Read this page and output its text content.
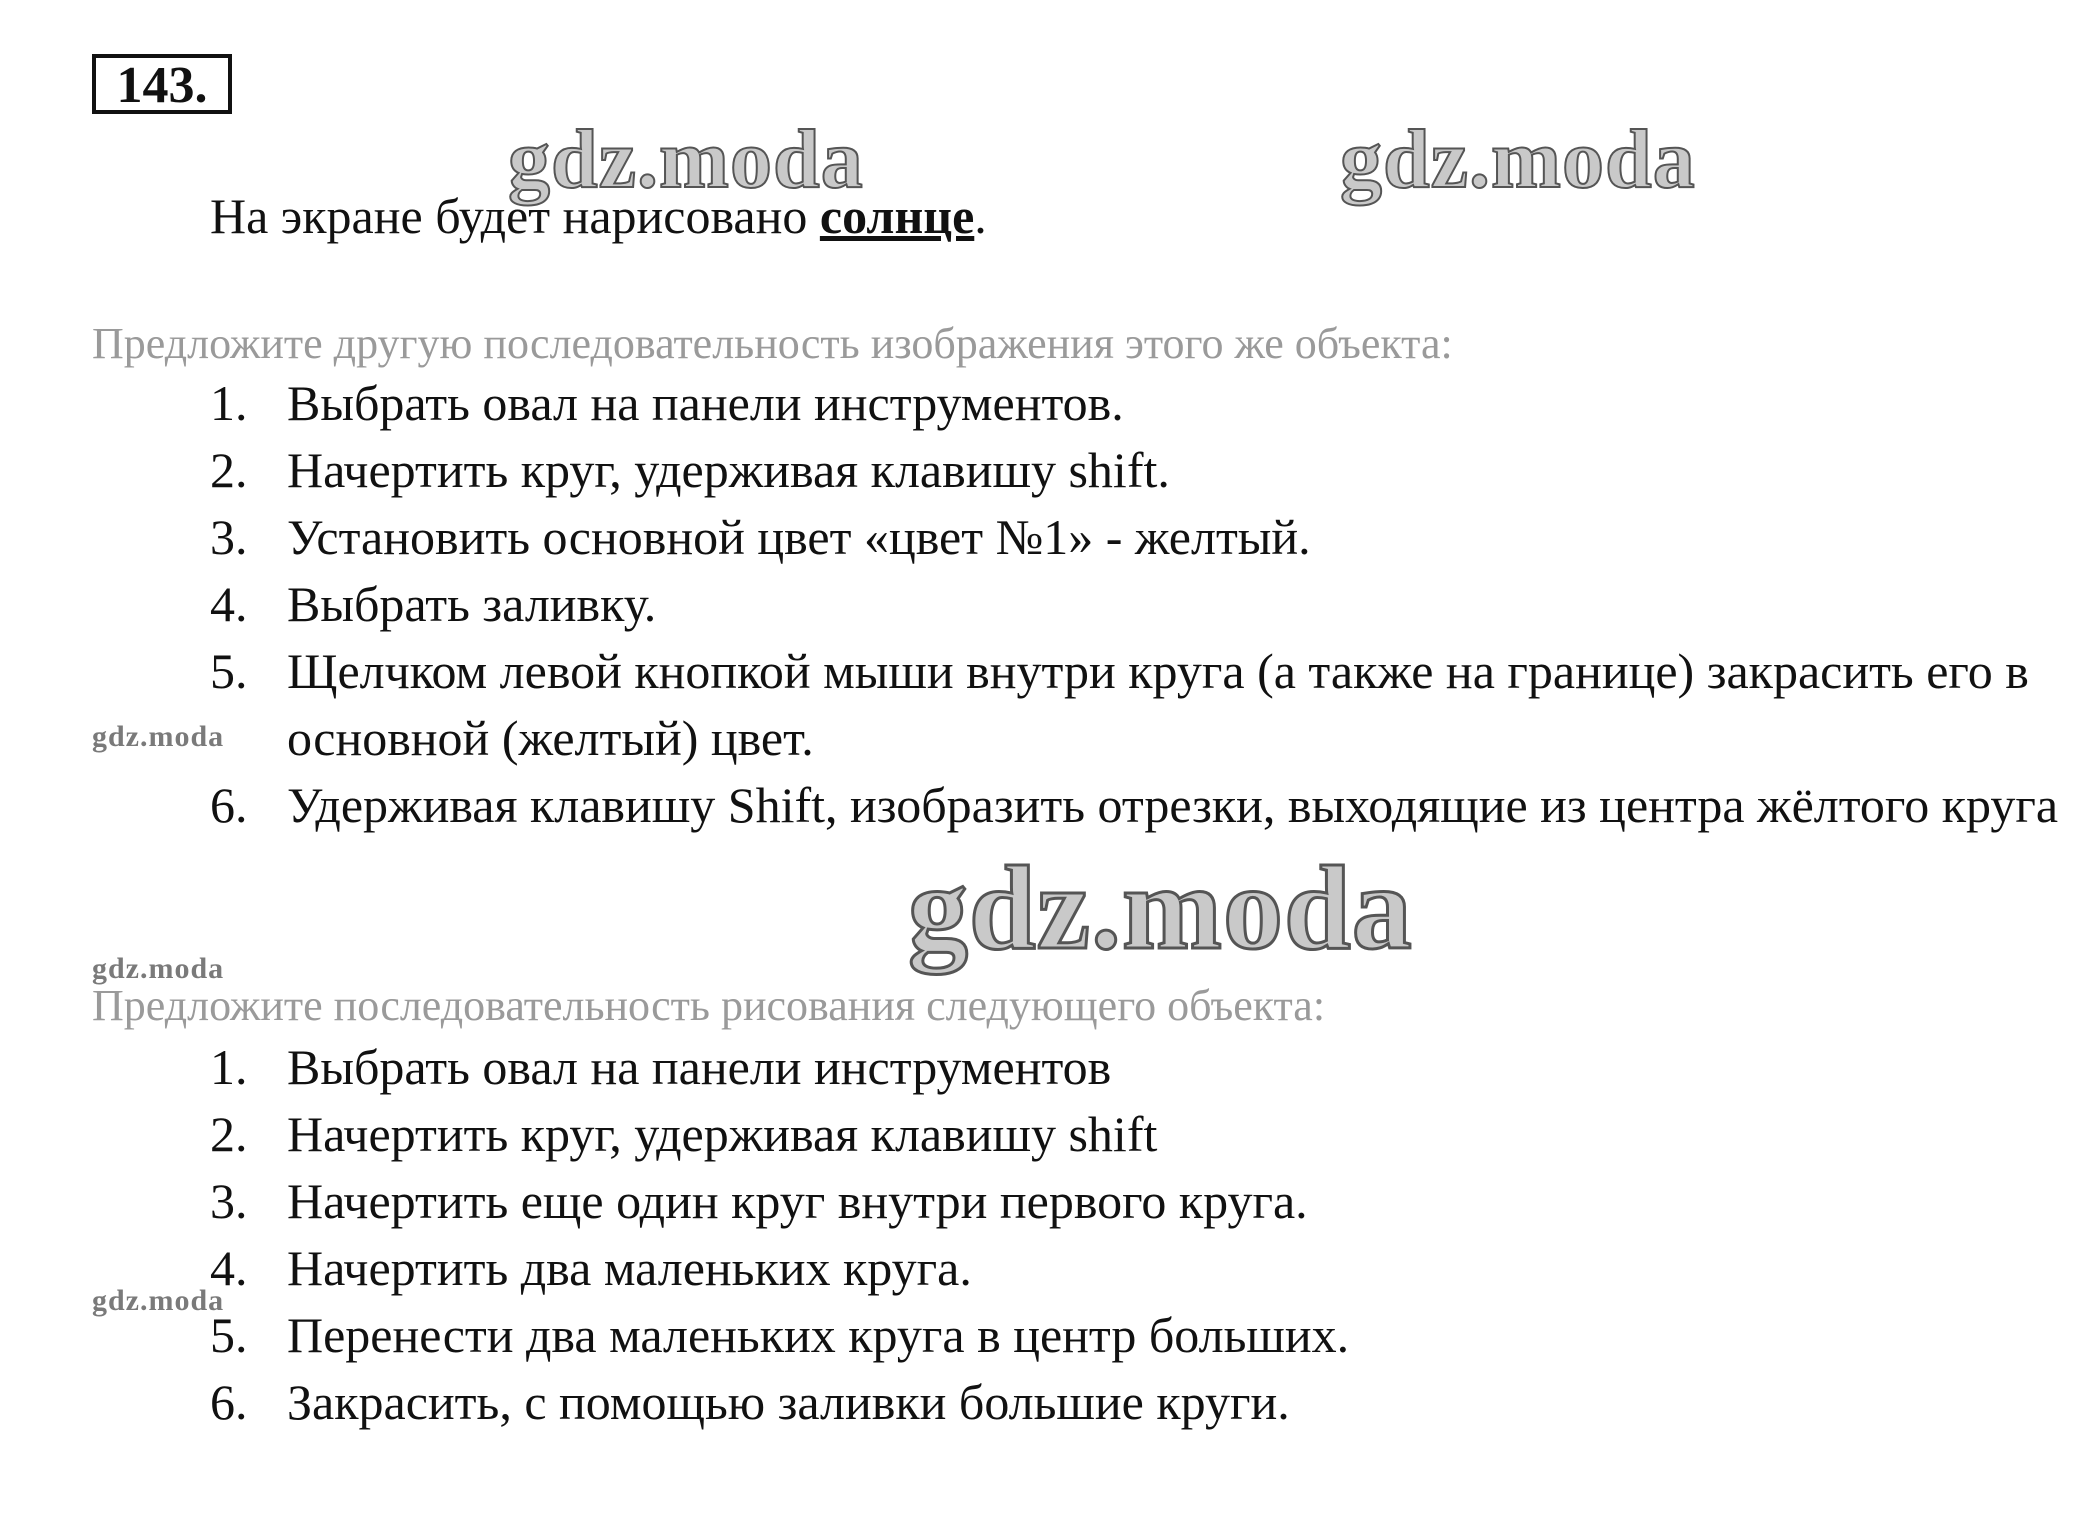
143.
gdz.moda	gdz.moda
На экране будет нарисовано солнце.
Предложите другую последовательность изображения этого же объекта:
1. Выбрать овал на панели инструментов.
2. Начертить круг, удерживая клавишу shift.
3. Установить основной цвет «цвет №1» - желтый.
4. Выбрать заливку.
5. Щелчком левой кнопкой мыши внутри круга (а также на границе) закрасить его в основной (желтый) цвет.
6. Удерживая клавишу Shift, изобразить отрезки, выходящие из центра жёлтого круга
Предложите последовательность рисования следующего объекта:
1. Выбрать овал на панели инструментов
2. Начертить круг, удерживая клавишу shift
3. Начертить еще один круг внутри первого круга.
4. Начертить два маленьких круга.
5. Перенести два маленьких круга в центр больших.
6. Закрасить, с помощью заливки большие круги.
gdz.moda
gdz.moda
gdz.moda
gdz.moda
